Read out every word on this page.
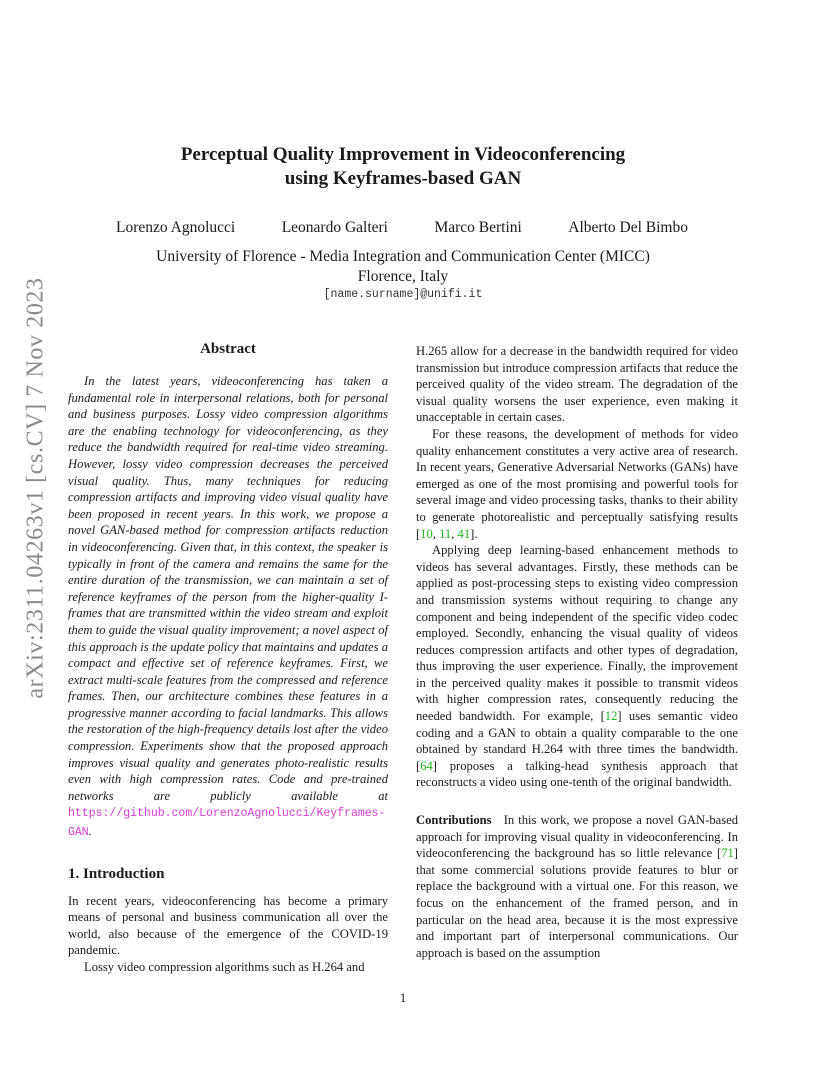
arXiv:2311.04263v1 [cs.CV] 7 Nov 2023
Perceptual Quality Improvement in Videoconferencing
using Keyframes-based GAN
Lorenzo Agnolucci	Leonardo Galteri	Marco Bertini	Alberto Del Bimbo
University of Florence - Media Integration and Communication Center (MICC)
Florence, Italy
[name.surname]@unifi.it
Abstract

In the latest years, videoconferencing has taken a fundamental role in interpersonal relations, both for personal and business purposes. Lossy video compression algorithms are the enabling technology for videoconferencing, as they reduce the bandwidth required for real-time video streaming. However, lossy video compression decreases the perceived visual quality. Thus, many techniques for reducing compression artifacts and improving video visual quality have been proposed in recent years. In this work, we propose a novel GAN-based method for compression artifacts reduction in videoconferencing. Given that, in this context, the speaker is typically in front of the camera and remains the same for the entire duration of the transmission, we can maintain a set of reference keyframes of the person from the higher-quality I-frames that are transmitted within the video stream and exploit them to guide the visual quality improvement; a novel aspect of this approach is the update policy that maintains and updates a compact and effective set of reference keyframes. First, we extract multi-scale features from the compressed and reference frames. Then, our architecture combines these features in a progressive manner according to facial landmarks. This allows the restoration of the high-frequency details lost after the video compression. Experiments show that the proposed approach improves visual quality and generates photo-realistic results even with high compression rates. Code and pre-trained networks are publicly available at https://github.com/LorenzoAgnolucci/Keyframes-GAN.

1. Introduction

In recent years, videoconferencing has become a primary means of personal and business communication all over the world, also because of the emergence of the COVID-19 pandemic.

Lossy video compression algorithms such as H.264 and

H.265 allow for a decrease in the bandwidth required for video transmission but introduce compression artifacts that reduce the perceived quality of the video stream. The degradation of the visual quality worsens the user experience, even making it unacceptable in certain cases.

For these reasons, the development of methods for video quality enhancement constitutes a very active area of research. In recent years, Generative Adversarial Networks (GANs) have emerged as one of the most promising and powerful tools for several image and video processing tasks, thanks to their ability to generate photorealistic and perceptually satisfying results [10, 11, 41].

Applying deep learning-based enhancement methods to videos has several advantages. Firstly, these methods can be applied as post-processing steps to existing video compression and transmission systems without requiring to change any component and being independent of the specific video codec employed. Secondly, enhancing the visual quality of videos reduces compression artifacts and other types of degradation, thus improving the user experience. Finally, the improvement in the perceived quality makes it possible to transmit videos with higher compression rates, consequently reducing the needed bandwidth. For example, [12] uses semantic video coding and a GAN to obtain a quality comparable to the one obtained by standard H.264 with three times the bandwidth. [64] proposes a talking-head synthesis approach that reconstructs a video using one-tenth of the original bandwidth.

Contributions In this work, we propose a novel GAN-based approach for improving visual quality in videoconferencing. In videoconferencing the background has so little relevance [71] that some commercial solutions provide features to blur or replace the background with a virtual one. For this reason, we focus on the enhancement of the framed person, and in particular on the head area, because it is the most expressive and important part of interpersonal communications. Our approach is based on the assumption

1
